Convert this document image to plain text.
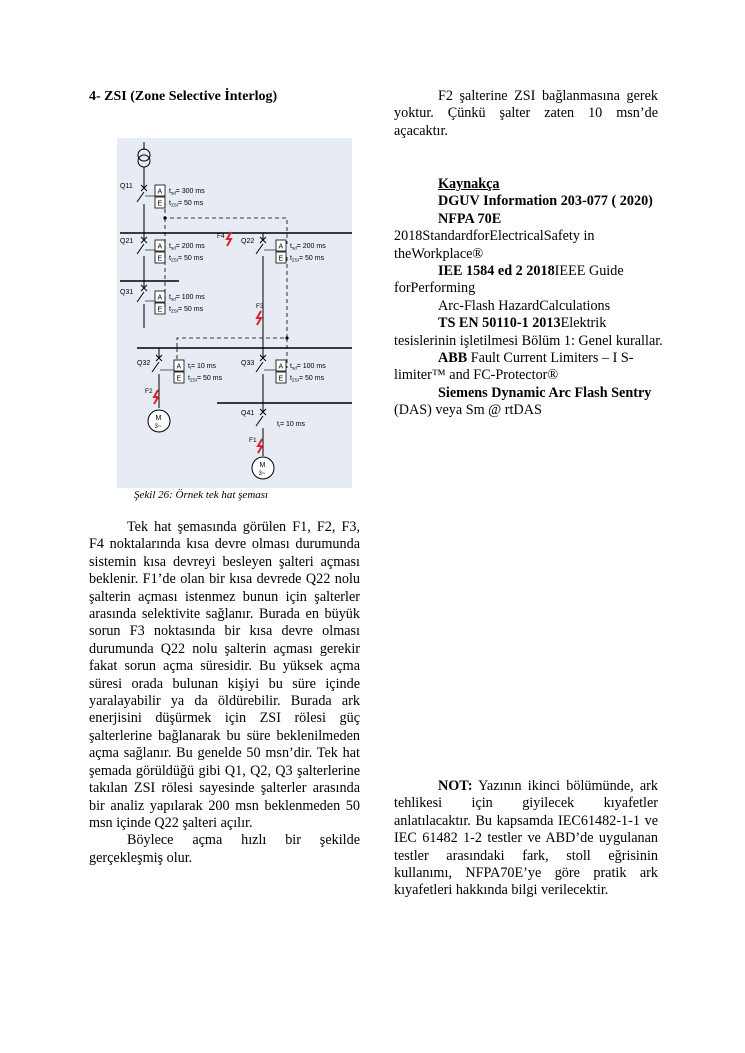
4- ZSI (Zone Selective İnterlog)
Q11
A
E
$t_{sd}= 300$ ms
$t_{ZSI}= 50$ ms
Q21
A
E
$t_{sd}= 200$ ms
$t_{ZSI}= 50$ ms
Q22
A
E
$t_{sd}= 200$ ms
$t_{ZSI}= 50$ ms
Q31
A
E
$t_{sd}= 100$ ms
$t_{ZSI}= 50$ ms
Q32	A
E
$t_i= 10$ ms
$t_{ZSI}= 50$ ms
Q33	A
E
$t_{sd}= 100$ ms
$t_{ZSI}= 50$ ms
Q41
$t_i= 10$ ms
M
3~
M
3~
F4
F3
F2
F1
Şekil 26: Örnek tek hat şeması

Tek hat şemasında görülen F1, F2, F3, F4 noktalarında kısa devre olması durumunda sistemin kısa devreyi besleyen şalteri açması beklenir. F1’de olan bir kısa devrede Q22 nolu şalterin açması istenmez bunun için şalterler arasında selektivite sağlanır. Burada en büyük sorun F3 noktasında bir kısa devre olması durumunda Q22 nolu şalterin açması gerekir fakat sorun açma süresidir. Bu yüksek açma süresi orada bulunan kişiyi bu süre içinde yaralayabilir ya da öldürebilir. Burada ark enerjisini düşürmek için ZSI rölesi güç şalterlerine bağlanarak bu süre beklenilmeden açma sağlanır. Bu genelde 50 msn’dir. Tek hat şemada görüldüğü gibi Q1, Q2, Q3 şalterlerine takılan ZSI rölesi sayesinde şalterler arasında bir analiz yapılarak 200 msn beklenmeden 50 msn içinde Q22 şalteri açılır.

Böylece açma hızlı bir şekilde gerçekleşmiş olur.

F2 şalterine ZSI bağlanmasına gerek yoktur. Çünkü şalter zaten 10 msn’de açacaktır.

Kaynakça

DGUV Information 203-077 ( 2020)

NFPA 70E

2018StandardforElectricalSafety in theWorkplace®

IEE 1584 ed 2 2018IEEE Guide forPerforming

Arc-Flash HazardCalculations

TS EN 50110-1 2013Elektrik tesislerinin işletilmesi Bölüm 1: Genel kurallar.

ABB Fault Current Limiters – I S-limiter™ and FC-Protector®

Siemens Dynamic Arc Flash Sentry (DAS) veya Sm @ rtDAS

NOT: Yazının ikinci bölümünde, ark tehlikesi için giyilecek kıyafetler anlatılacaktır. Bu kapsamda IEC61482-1-1 ve IEC 61482 1-2 testler ve ABD’de uygulanan testler arasındaki fark, stoll eğrisinin kullanımı, NFPA70E’ye göre pratik ark kıyafetleri hakkında bilgi verilecektir.
